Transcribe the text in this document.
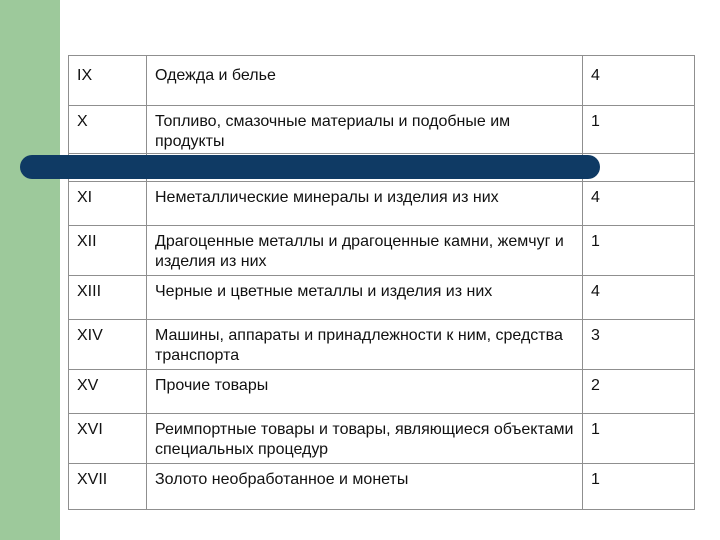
IX	Одежда и белье	4
X	Топливо, смазочные материалы и подобные им продукты	1

XI	Неметаллические минералы и изделия из них	4
XII	Драгоценные металлы и драгоценные камни, жемчуг и изделия из них	1
XIII	Черные и цветные металлы и изделия из них	4
XIV	Машины, аппараты и принадлежности к ним, средства транспорта	3
XV	Прочие товары	2
XVI	Реимпортные товары и товары, являющиеся объектами специальных процедур	1
XVII	Золото необработанное и монеты	1
